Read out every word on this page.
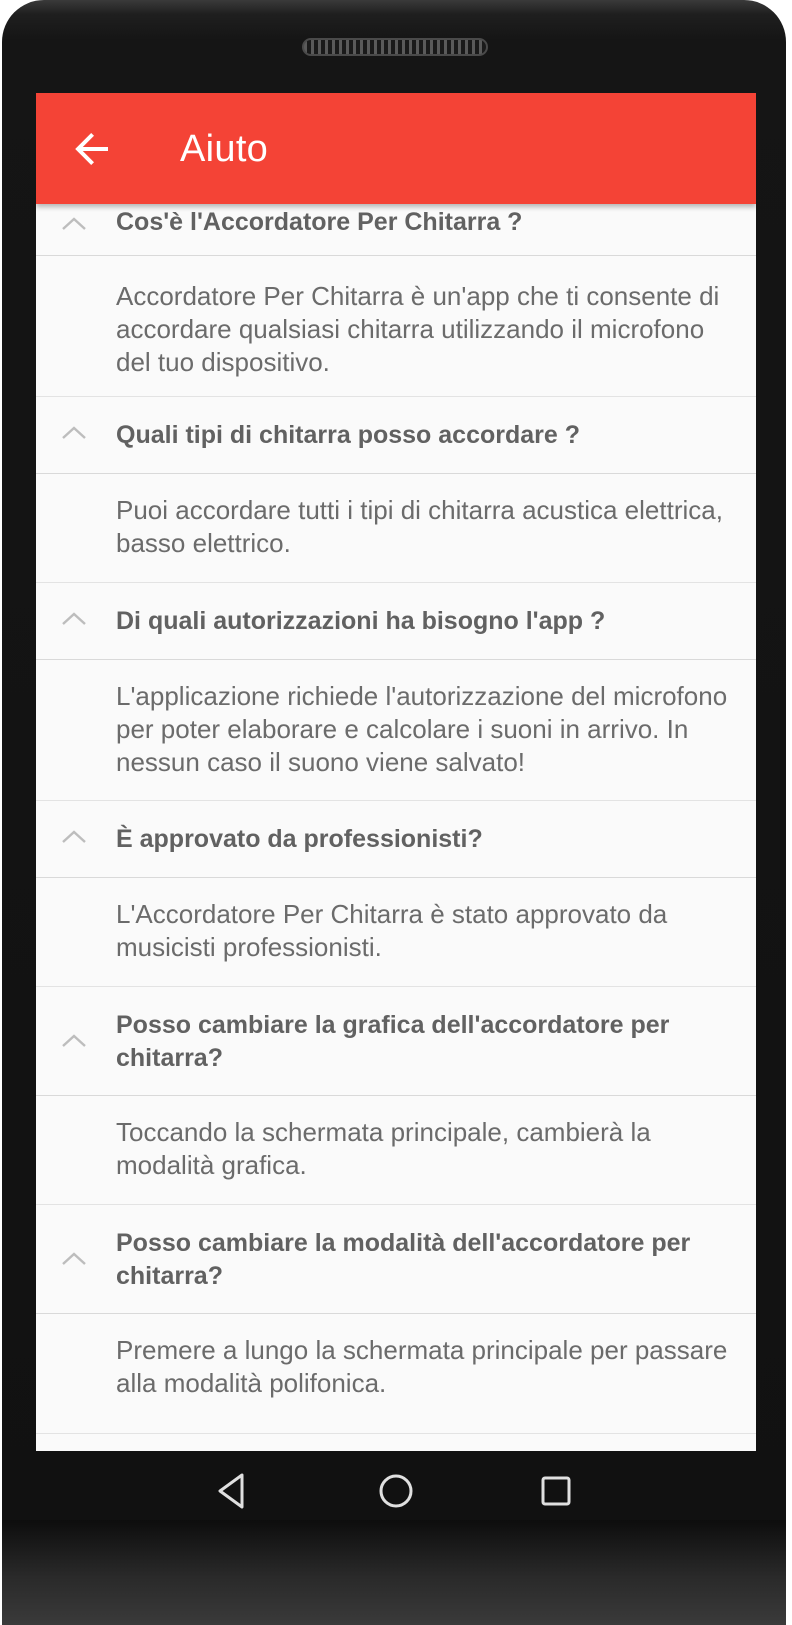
Aiuto
Cos'è l'Accordatore Per Chitarra ?
Accordatore Per Chitarra è un'app che ti consente di accordare qualsiasi chitarra utilizzando il microfono del tuo dispositivo.
Quali tipi di chitarra posso accordare ?
Puoi accordare tutti i tipi di chitarra acustica elettrica, basso elettrico.
Di quali autorizzazioni ha bisogno l'app ?
L'applicazione richiede l'autorizzazione del microfono per poter elaborare e calcolare i suoni in arrivo. In nessun caso il suono viene salvato!
È approvato da professionisti?
L'Accordatore Per Chitarra è stato approvato da musicisti professionisti.
Posso cambiare la grafica dell'accordatore per chitarra?
Toccando la schermata principale, cambierà la modalità grafica.
Posso cambiare la modalità dell'accordatore per chitarra?
Premere a lungo la schermata principale per passare alla modalità polifonica.
